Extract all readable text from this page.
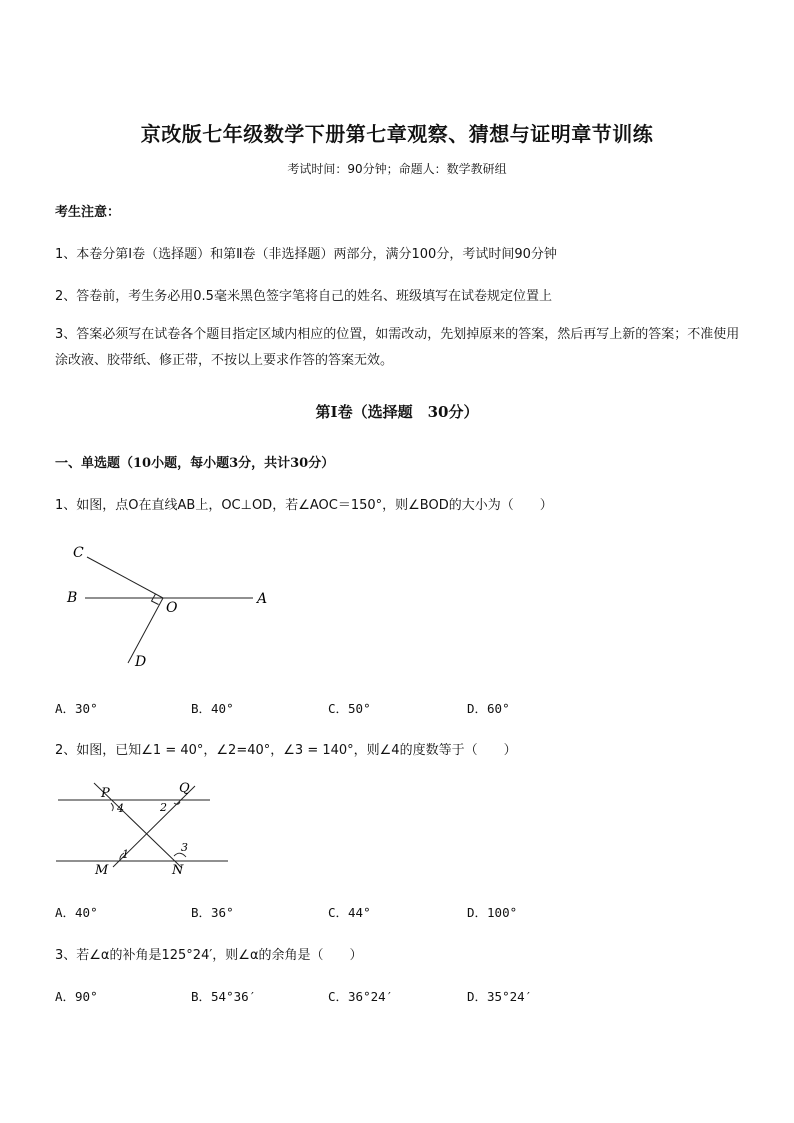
京改版七年级数学下册第七章观察、猜想与证明章节训练
考试时间：90分钟；命题人：数学教研组
考生注意：
1、本卷分第Ⅰ卷（选择题）和第Ⅱ卷（非选择题）两部分，满分100分，考试时间90分钟
2、答卷前，考生务必用0.5毫米黑色签字笔将自己的姓名、班级填写在试卷规定位置上
3、答案必须写在试卷各个题目指定区域内相应的位置，如需改动，先划掉原来的答案，然后再写上新的答案；不准使用涂改液、胶带纸、修正带，不按以上要求作答的答案无效。
第Ⅰ卷（选择题　30分）
一、单选题（10小题，每小题3分，共计30分）
1、如图，点O在直线AB上，OC⊥OD，若∠AOC＝150°，则∠BOD的大小为（　　）
C
B
O
A
D
A．30°	B．40°	C．50°	D．60°
2、如图，已知∠1 = 40°，∠2=40°，∠3 = 140°，则∠4的度数等于（　　）
P	Q
4	2
1
3
M	N
A．40°	B．36°	C．44°	D．100°
3、若∠α的补角是125°24′，则∠α的余角是（　　）
A．90°	B．54°36′	C．36°24′	D．35°24′
